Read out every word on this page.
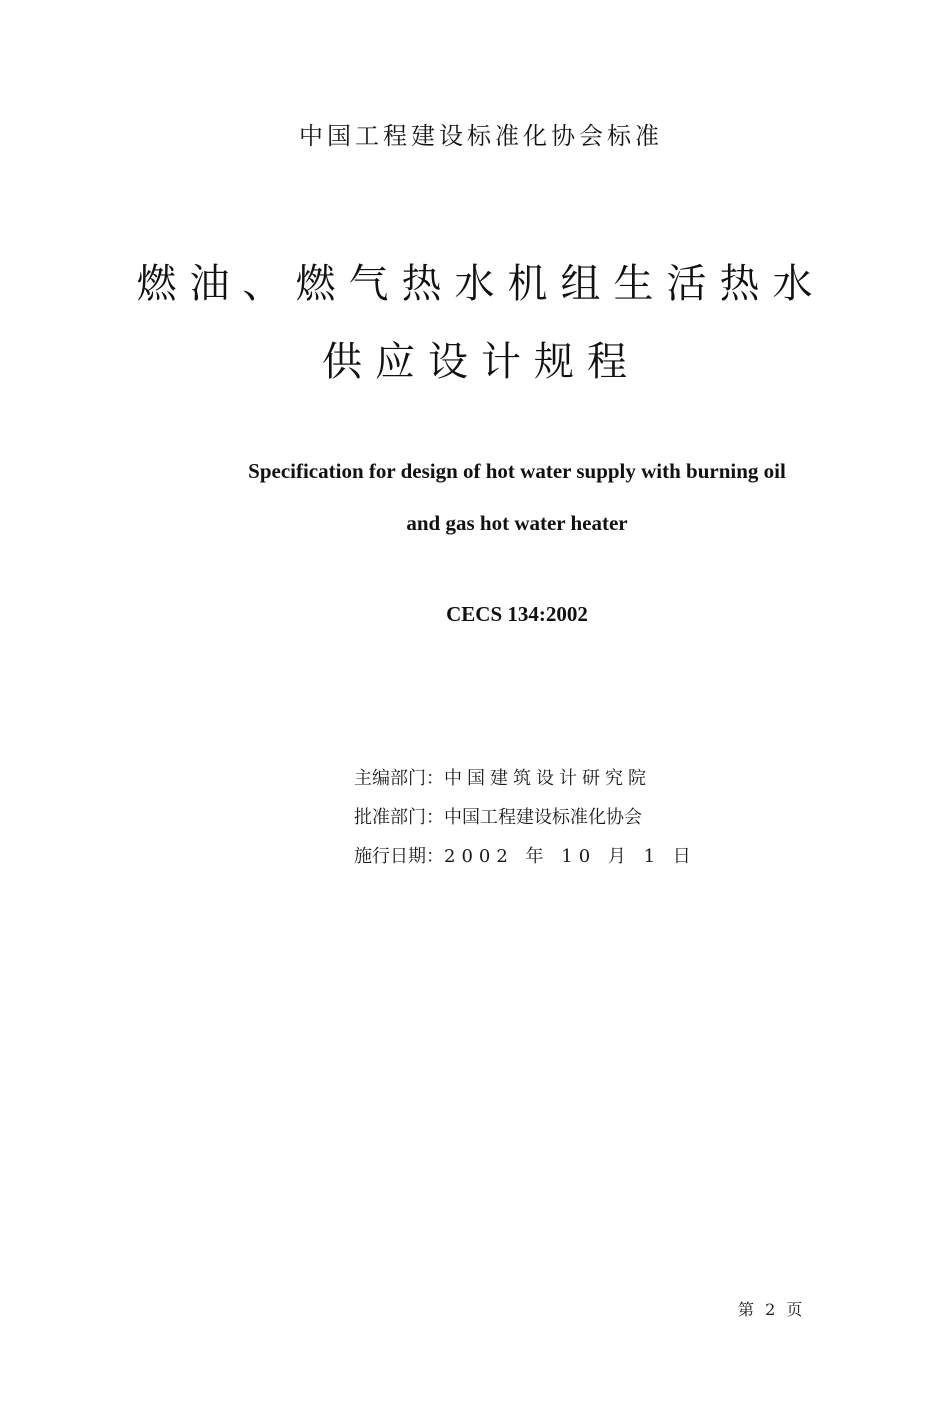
中国工程建设标准化协会标准
燃油、燃气热水机组生活热水
供应设计规程
Specification for design of hot water supply with burning oil
and gas hot water heater
CECS 134:2002
主编部门：中国建筑设计研究院
批准部门：中国工程建设标准化协会
施行日期：2002 年 10 月 1 日
第 2 页
